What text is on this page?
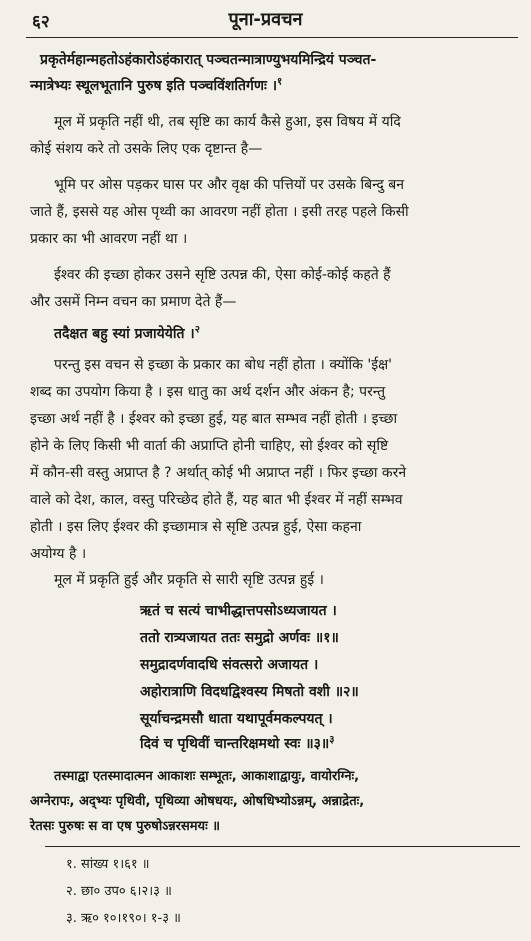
६२	पूना-प्रवचन
प्रकृतेर्महान्महतोऽहंकारोऽहंकारात् पञ्चतन्मात्राण्युभयमिन्द्रियं पञ्चत-
न्मात्रेभ्यः स्थूलभूतानि पुरुष इति पञ्चविंशतिर्गणः ।$^१$
मूल में प्रकृति नहीं थी, तब सृष्टि का कार्य कैसे हुआ, इस विषय में यदि
कोई संशय करे तो उसके लिए एक दृष्टान्त है—
भूमि पर ओस पड़कर घास पर और वृक्ष की पत्तियों पर उसके बिन्दु बन
जाते हैं, इससे यह ओस पृथ्वी का आवरण नहीं होता । इसी तरह पहले किसी
प्रकार का भी आवरण नहीं था ।
ईश्वर की इच्छा होकर उसने सृष्टि उत्पन्न की, ऐसा कोई-कोई कहते हैं
और उसमें निम्न वचन का प्रमाण देते हैं—
तदैक्षत बहु स्यां प्रजायेयेति ।$^२$
परन्तु इस वचन से इच्छा के प्रकार का बोध नहीं होता । क्योंकि 'ईक्ष'
शब्द का उपयोग किया है । इस धातु का अर्थ दर्शन और अंकन है; परन्तु
इच्छा अर्थ नहीं है । ईश्वर को इच्छा हुई, यह बात सम्भव नहीं होती । इच्छा
होने के लिए किसी भी वार्ता की अप्राप्ति होनी चाहिए, सो ईश्वर को सृष्टि
में कौन-सी वस्तु अप्राप्त है ? अर्थात् कोई भी अप्राप्त नहीं । फिर इच्छा करने
वाले को देश, काल, वस्तु परिच्छेद होते हैं, यह बात भी ईश्वर में नहीं सम्भव
होती । इस लिए ईश्वर की इच्छामात्र से सृष्टि उत्पन्न हुई, ऐसा कहना
अयोग्य है ।
मूल में प्रकृति हुई और प्रकृति से सारी सृष्टि उत्पन्न हुई ।
ऋतं च सत्यं चाभीद्धात्तपसोऽध्यजायत ।
ततो रात्र्यजायत ततः समुद्रो अर्णवः ॥१॥
समुद्रादर्णवादधि संवत्सरो अजायत ।
अहोरात्राणि विदधद्विश्वस्य मिषतो वशी ॥२॥
सूर्याचन्द्रमसौ धाता यथापूर्वमकल्पयत् ।
दिवं च पृथिवीं चान्तरिक्षमथो स्वः ॥३॥$^३$
तस्माद्वा एतस्मादात्मन आकाशः सम्भूतः, आकाशाद्वायुः, वायोरग्निः,
अग्नेरापः, अद्भ्यः पृथिवी, पृथिव्या ओषधयः, ओषधिभ्योऽन्नम्, अन्नाद्रेतः,
रेतसः पुरुषः स वा एष पुरुषोऽन्नरसमयः ॥
१. सांख्य १।६१ ॥
२. छा० उप० ६।२।३ ॥
३. ऋ० १०।१९०। १-३ ॥
